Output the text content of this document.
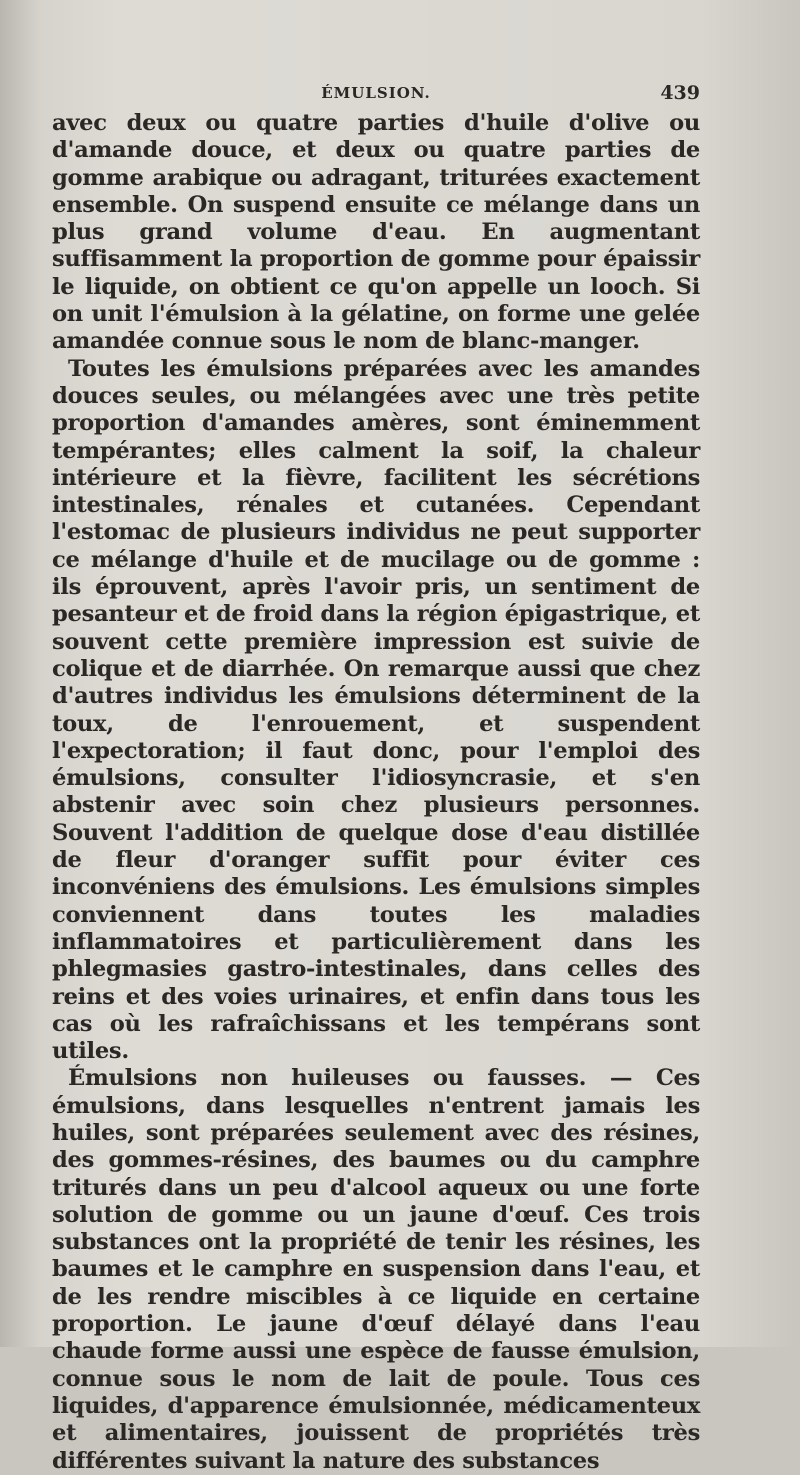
ÉMULSION.	439

avec deux ou quatre parties d'huile d'olive ou d'amande douce, et deux ou quatre parties de gomme arabique ou adragant, triturées exactement ensemble. On suspend ensuite ce mélange dans un plus grand volume d'eau. En augmentant suffisamment la proportion de gomme pour épaissir le liquide, on obtient ce qu'on appelle un looch. Si on unit l'émulsion à la gélatine, on forme une gelée amandée connue sous le nom de blanc-manger.

Toutes les émulsions préparées avec les amandes douces seules, ou mélangées avec une très petite proportion d'amandes amères, sont éminemment tempérantes; elles calment la soif, la chaleur intérieure et la fièvre, facilitent les sécrétions intestinales, rénales et cutanées. Cependant l'estomac de plusieurs individus ne peut supporter ce mélange d'huile et de mucilage ou de gomme : ils éprouvent, après l'avoir pris, un sentiment de pesanteur et de froid dans la région épigastrique, et souvent cette première impression est suivie de colique et de diarrhée. On remarque aussi que chez d'autres individus les émulsions déterminent de la toux, de l'enrouement, et suspendent l'expectoration; il faut donc, pour l'emploi des émulsions, consulter l'idiosyncrasie, et s'en abstenir avec soin chez plusieurs personnes. Souvent l'addition de quelque dose d'eau distillée de fleur d'oranger suffit pour éviter ces inconvéniens des émulsions. Les émulsions simples conviennent dans toutes les maladies inflammatoires et particulièrement dans les phlegmasies gastro-intestinales, dans celles des reins et des voies urinaires, et enfin dans tous les cas où les rafraîchissans et les tempérans sont utiles.

Émulsions non huileuses ou fausses. — Ces émulsions, dans lesquelles n'entrent jamais les huiles, sont préparées seulement avec des résines, des gommes-résines, des baumes ou du camphre triturés dans un peu d'alcool aqueux ou une forte solution de gomme ou un jaune d'œuf. Ces trois substances ont la propriété de tenir les résines, les baumes et le camphre en suspension dans l'eau, et de les rendre miscibles à ce liquide en certaine proportion. Le jaune d'œuf délayé dans l'eau chaude forme aussi une espèce de fausse émulsion, connue sous le nom de lait de poule. Tous ces liquides, d'apparence émulsionnée, médicamenteux et alimentaires, jouissent de propriétés très différentes suivant la nature des substances
